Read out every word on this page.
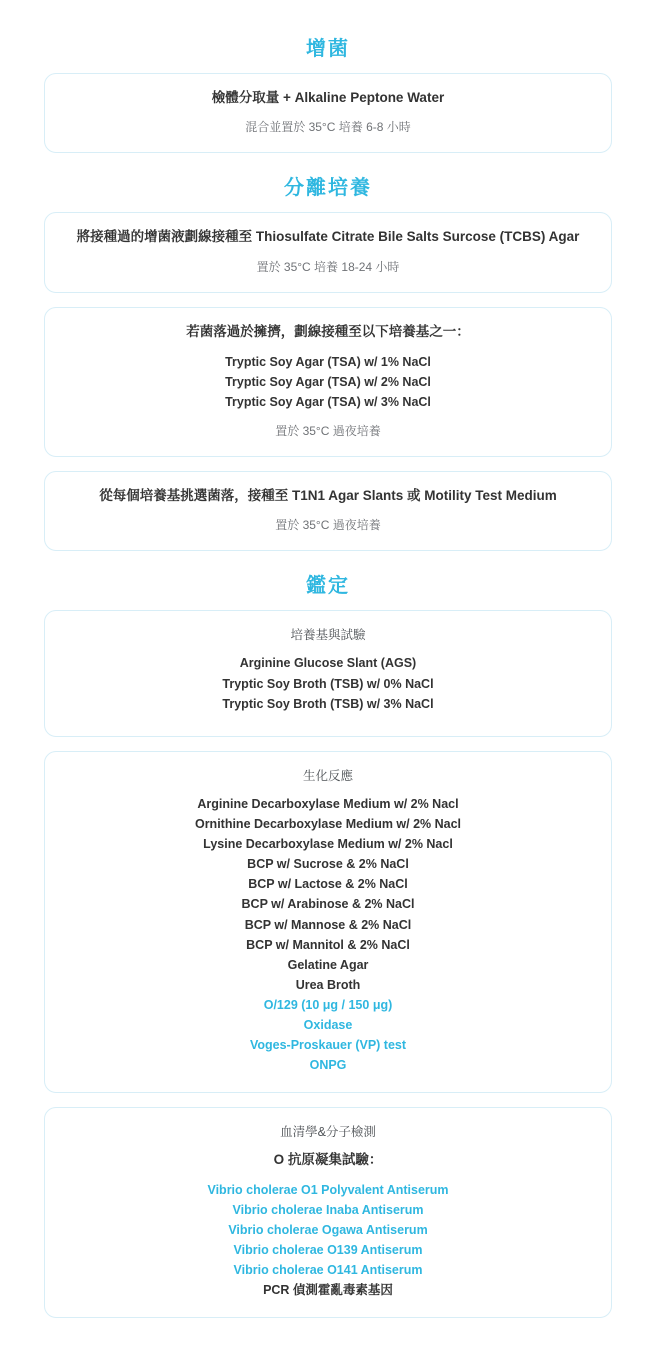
增菌
檢體分取量 + Alkaline Peptone Water
混合並置於 35°C 培養 6-8 小時
分離培養
將接種過的增菌液劃線接種至 Thiosulfate Citrate Bile Salts Surcose (TCBS) Agar
置於 35°C 培養 18-24 小時
若菌落過於擁擠，劃線接種至以下培養基之一：
Tryptic Soy Agar (TSA) w/ 1% NaCl
Tryptic Soy Agar (TSA) w/ 2% NaCl
Tryptic Soy Agar (TSA) w/ 3% NaCl
置於 35°C 過夜培養
從每個培養基挑選菌落，接種至 T1N1 Agar Slants 或 Motility Test Medium
置於 35°C 過夜培養
鑑定
培養基與試驗
Arginine Glucose Slant (AGS)
Tryptic Soy Broth (TSB) w/ 0% NaCl
Tryptic Soy Broth (TSB) w/ 3% NaCl
生化反應
Arginine Decarboxylase Medium w/ 2% Nacl
Ornithine Decarboxylase Medium w/ 2% Nacl
Lysine Decarboxylase Medium w/ 2% Nacl
BCP w/ Sucrose & 2% NaCl
BCP w/ Lactose & 2% NaCl
BCP w/ Arabinose & 2% NaCl
BCP w/ Mannose & 2% NaCl
BCP w/ Mannitol & 2% NaCl
Gelatine Agar
Urea Broth
O/129 (10 μg / 150 μg)
Oxidase
Voges-Proskauer (VP) test
ONPG
血清學&分子檢測
O 抗原凝集試驗：
Vibrio cholerae O1 Polyvalent Antiserum
Vibrio cholerae Inaba Antiserum
Vibrio cholerae Ogawa Antiserum
Vibrio cholerae O139 Antiserum
Vibrio cholerae O141 Antiserum
PCR 偵測霍亂毒素基因
